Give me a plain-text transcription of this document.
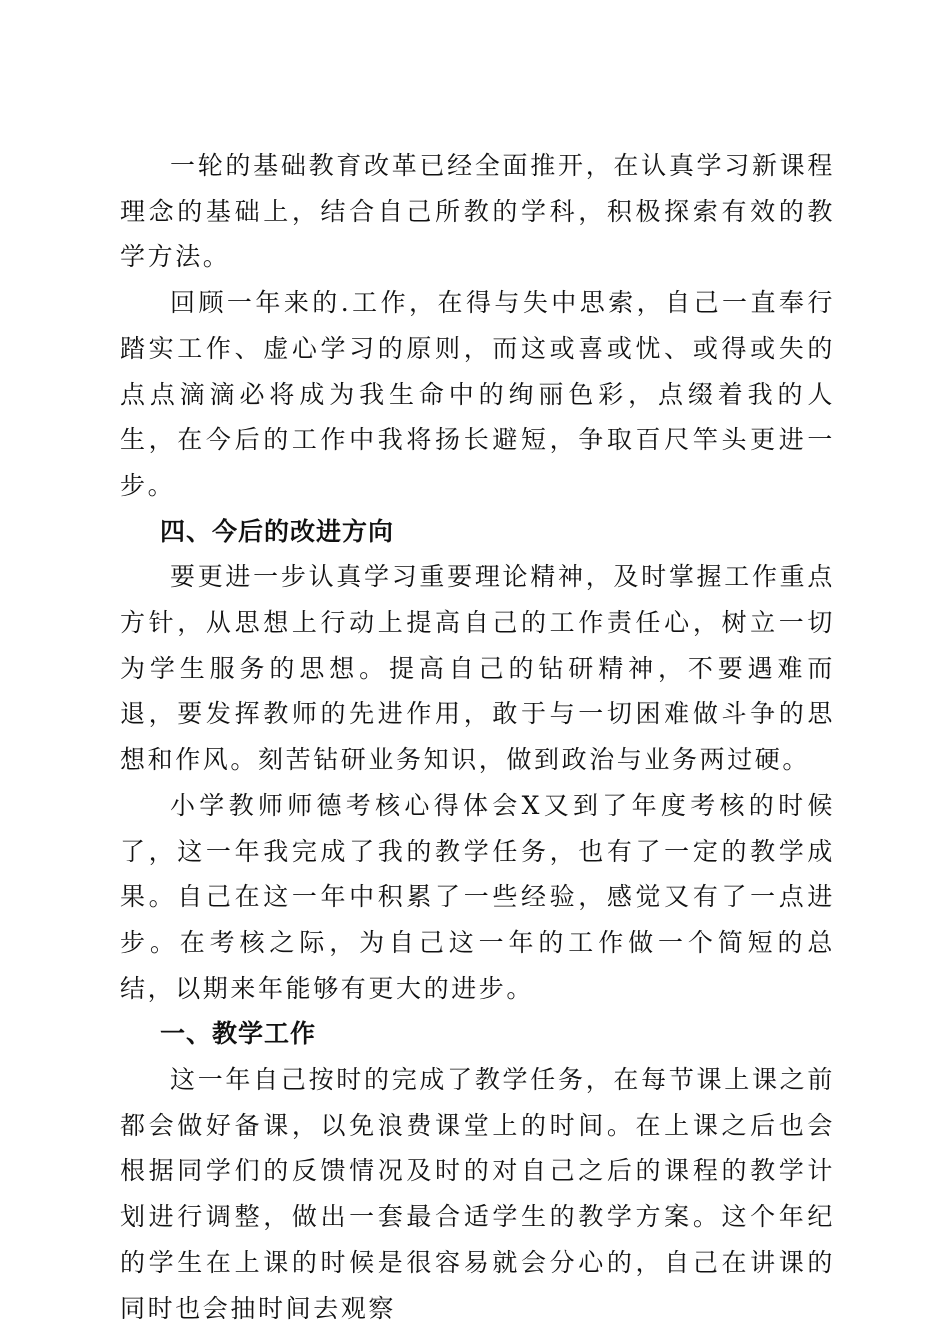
一轮的基础教育改革已经全面推开，在认真学习新课程理念的基础上，结合自己所教的学科，积极探索有效的教学方法。

回顾一年来的.工作，在得与失中思索，自己一直奉行踏实工作、虚心学习的原则，而这或喜或忧、或得或失的点点滴滴必将成为我生命中的绚丽色彩，点缀着我的人生，在今后的工作中我将扬长避短，争取百尺竿头更进一步。

四、今后的改进方向

要更进一步认真学习重要理论精神，及时掌握工作重点方针，从思想上行动上提高自己的工作责任心，树立一切为学生服务的思想。提高自己的钻研精神，不要遇难而退，要发挥教师的先进作用，敢于与一切困难做斗争的思想和作风。刻苦钻研业务知识，做到政治与业务两过硬。

小学教师师德考核心得体会X又到了年度考核的时候了，这一年我完成了我的教学任务，也有了一定的教学成果。自己在这一年中积累了一些经验，感觉又有了一点进步。在考核之际，为自己这一年的工作做一个简短的总结，以期来年能够有更大的进步。

一、教学工作

这一年自己按时的完成了教学任务，在每节课上课之前都会做好备课，以免浪费课堂上的时间。在上课之后也会根据同学们的反馈情况及时的对自己之后的课程的教学计划进行调整，做出一套最合适学生的教学方案。这个年纪的学生在上课的时候是很容易就会分心的，自己在讲课的同时也会抽时间去观察
